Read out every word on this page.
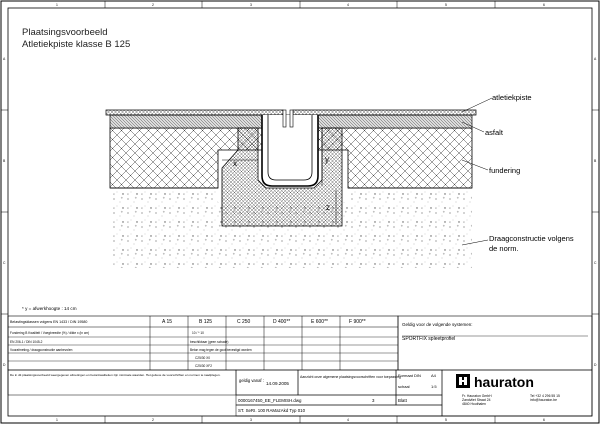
1	2	3	4	5	6
1	2	3	4	5	6
A
B
C
D
A
B
C
D
Plaatsingsvoorbeeld
Atletiekpiste klasse B 125
x	y
z
atletiekpiste
asfalt
fundering
Draagconstructie volgens
de norm.
* y = afwerkhoogte : 14 cm
Belastingsklassen volgens EN 1433 / DIN 19580	A 15	B 125	C 250	D 400**	E 600**	F 900**
Fundering B Kwaliteit / Voegbreedte (%) / dikte x (in cm)	10 / * 10
EN 206-1 / DIN 1045-2	beschikbaar (geen schade)
Voorafmeting / draagconstructie aanbevolen	Beton mag tegen de goot bevestigd worden
C25/30 X0
C25/30 XF2
Geldig voor de volgende systemen:
SPORTFIX spleetprofiel
De in dit plaatsingsvoorbeeld weergegeven afmetingen en betonkwaliteiten zijn minimale waarden. Het gelieve de voorschriften en normen te raadplegen.
geldig vanaf :
14.09.2005
Aanzicht onze algemene plaatsingsvoorschriften voor toepassing
Formaat DIN	A4
schaal	1:5	hauraton
Fr. Hauraton GmbH
Zandvliet Straat 24
4840 Houthalen
Tel +32 4 296 55 15
info@hauraton.be
0000167450_EE_FLEMISH.dwg	3	Blatt
ST. SeRI. 100 RAMazAkd Typ 010
